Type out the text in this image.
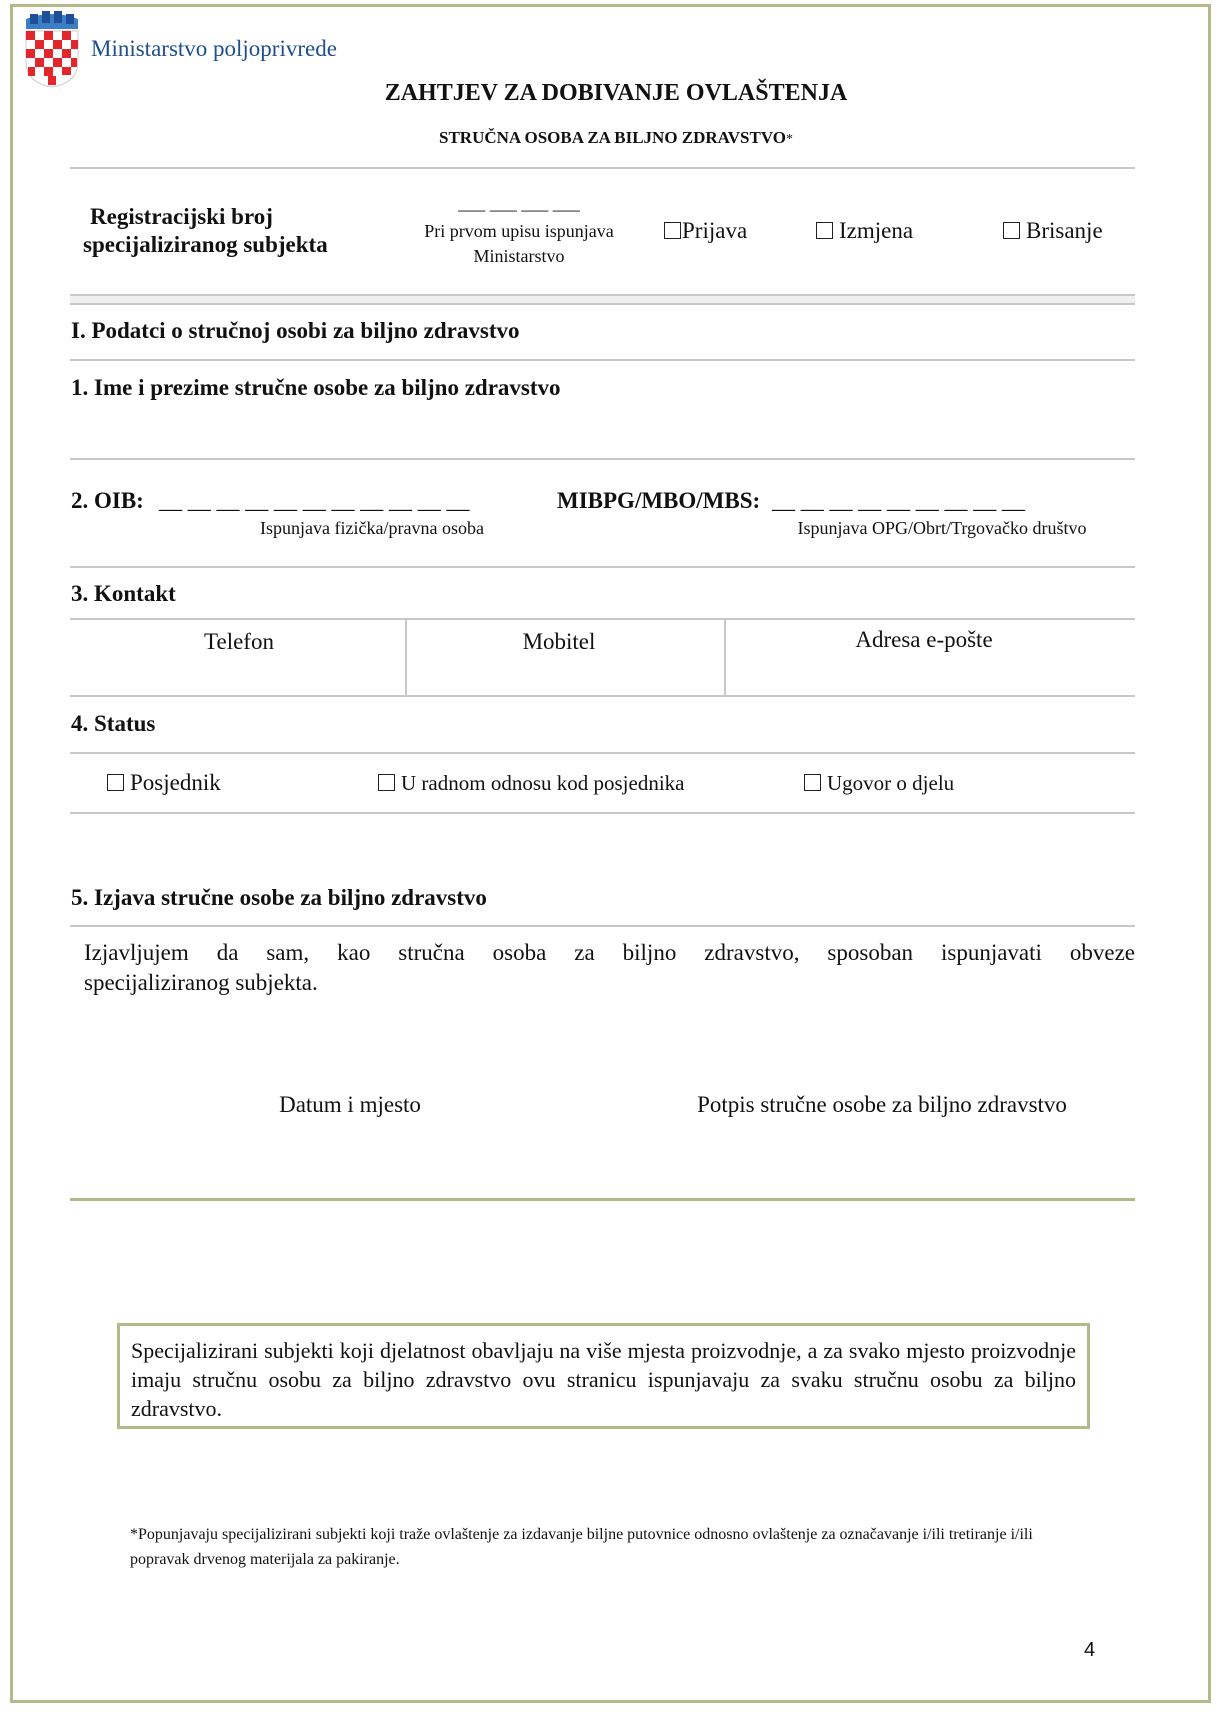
Ministarstvo poljoprivrede
ZAHTJEV ZA DOBIVANJE OVLAŠTENJA
STRUČNA OSOBA ZA BILJNO ZDRAVSTVO*
Registracijski broj
specijaliziranog subjekta
___ ___ ___ ___
Pri prvom upisu ispunjava
Ministarstvo
Prijava	Izmjena	Brisanje
I. Podatci o stručnoj osobi za biljno zdravstvo
1. Ime i prezime stručne osobe za biljno zdravstvo
2. OIB: __ __ __ __ __ __ __ __ __ __ __
Ispunjava fizička/pravna osoba
MIBPG/MBO/MBS: __ __ __ __ __ __ __ __ __
Ispunjava OPG/Obrt/Trgovačko društvo
3. Kontakt
Telefon	Mobitel	Adresa e-pošte
4. Status
Posjednik	U radnom odnosu kod posjednika	Ugovor o djelu
5. Izjava stručne osobe za biljno zdravstvo
Izjavljujem da sam, kao stručna osoba za biljno zdravstvo, sposoban ispunjavati obveze
specijaliziranog subjekta.
Datum i mjesto	Potpis stručne osobe za biljno zdravstvo
Specijalizirani subjekti koji djelatnost obavljaju na više mjesta proizvodnje, a za svako mjesto proizvodnje imaju stručnu osobu za biljno zdravstvo ovu stranicu ispunjavaju za svaku stručnu osobu za biljno zdravstvo.
*Popunjavaju specijalizirani subjekti koji traže ovlaštenje za izdavanje biljne putovnice odnosno ovlaštenje za označavanje i/ili tretiranje i/ili popravak drvenog materijala za pakiranje.
4
